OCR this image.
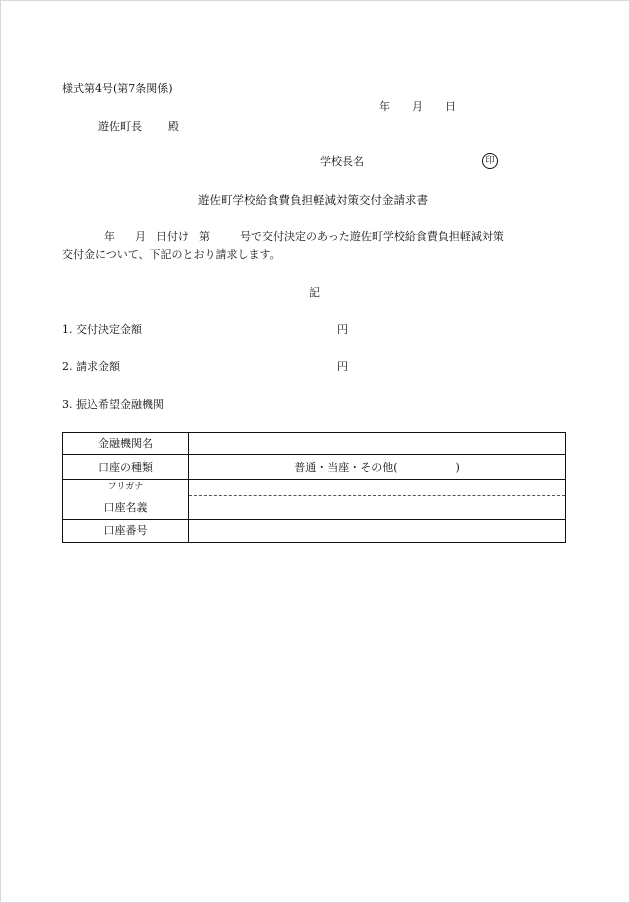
様式第4号(第7条関係)
年 月 日
遊佐町長 殿
学校長名	印
遊佐町学校給食費負担軽減対策交付金請求書
年 月 日付け 第	号で交付決定のあった遊佐町学校給食費負担軽減対策
交付金について、下記のとおり請求します。
記
1. 交付決定金額	円
2. 請求金額	円
3. 振込希望金融機関
金融機関名
口座の種類	普通・当座・その他(	)
フリガナ
口座名義
口座番号
